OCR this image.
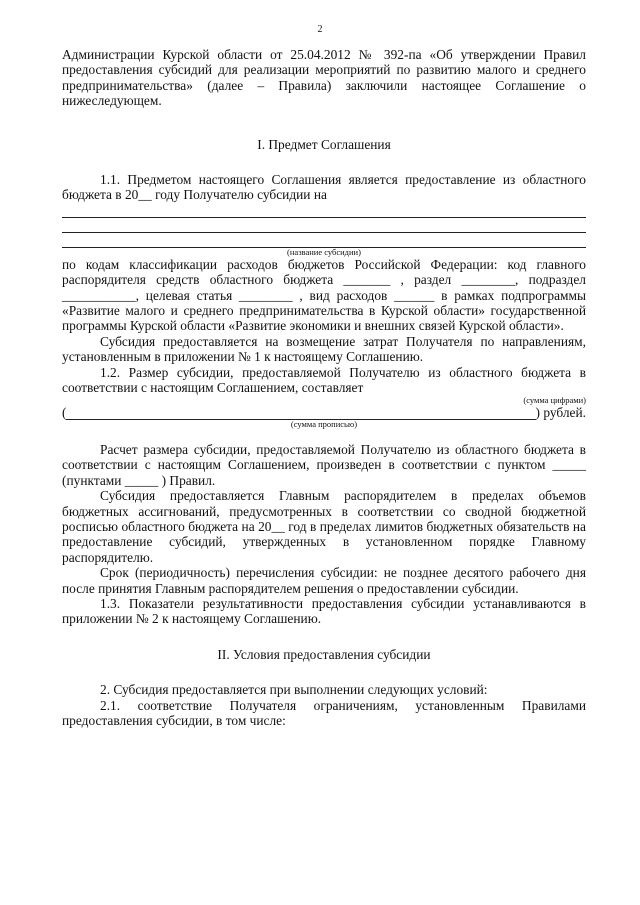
2

Администрации Курской области от 25.04.2012 № 392-па «Об утверждении Правил предоставления субсидий для реализации мероприятий по развитию малого и среднего предпринимательства» (далее – Правила) заключили настоящее Соглашение о нижеследующем.

I. Предмет Соглашения

1.1. Предметом настоящего Соглашения является предоставление из областного бюджета в 20__ году Получателю субсидии на

(название субсидии)

по кодам классификации расходов бюджетов Российской Федерации: код главного распорядителя средств областного бюджета _______ , раздел ________, подраздел ___________, целевая статья ________ , вид расходов ______ в рамках подпрограммы «Развитие малого и среднего предпринимательства в Курской области» государственной программы Курской области «Развитие экономики и внешних связей Курской области».

Субсидия предоставляется на возмещение затрат Получателя по направлениям, установленным в приложении № 1 к настоящему Соглашению.

1.2. Размер субсидии, предоставляемой Получателю из областного бюджета в соответствии с настоящим Соглашением, составляет

(сумма цифрами)
(	) рублей.
(сумма прописью)

Расчет размера субсидии, предоставляемой Получателю из областного бюджета в соответствии с настоящим Соглашением, произведен в соответствии с пунктом _____ (пунктами _____ ) Правил.

Субсидия предоставляется Главным распорядителем в пределах объемов бюджетных ассигнований, предусмотренных в соответствии со сводной бюджетной росписью областного бюджета на 20__ год в пределах лимитов бюджетных обязательств на предоставление субсидий, утвержденных в установленном порядке Главному распорядителю.

Срок (периодичность) перечисления субсидии: не позднее десятого рабочего дня после принятия Главным распорядителем решения о предоставлении субсидии.

1.3. Показатели результативности предоставления субсидии устанавливаются в приложении № 2 к настоящему Соглашению.

II. Условия предоставления субсидии

2. Субсидия предоставляется при выполнении следующих условий:

2.1. соответствие Получателя ограничениям, установленным Правилами предоставления субсидии, в том числе:
